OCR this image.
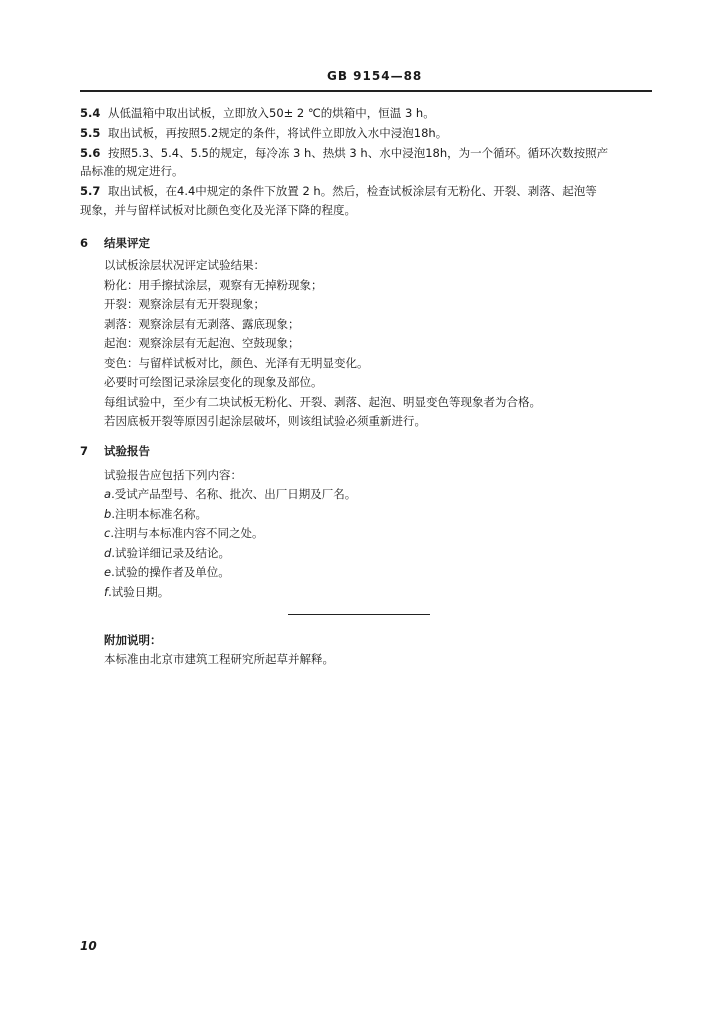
GB 9154—88
5.4 从低温箱中取出试板，立即放入50± 2 ℃的烘箱中，恒温 3 h。
5.5 取出试板，再按照5.2规定的条件，将试件立即放入水中浸泡18h。
5.6 按照5.3、5.4、5.5的规定，每冷冻 3 h、热烘 3 h、水中浸泡18h，为一个循环。循环次数按照产
品标准的规定进行。
5.7 取出试板，在4.4中规定的条件下放置 2 h。然后，检查试板涂层有无粉化、开裂、剥落、起泡等
现象，并与留样试板对比颜色变化及光泽下降的程度。
6 结果评定
以试板涂层状况评定试验结果：
粉化：用手擦拭涂层，观察有无掉粉现象；
开裂：观察涂层有无开裂现象；
剥落：观察涂层有无剥落、露底现象；
起泡：观察涂层有无起泡、空鼓现象；
变色：与留样试板对比，颜色、光泽有无明显变化。
必要时可绘图记录涂层变化的现象及部位。
每组试验中，至少有二块试板无粉化、开裂、剥落、起泡、明显变色等现象者为合格。
若因底板开裂等原因引起涂层破坏，则该组试验必须重新进行。
7 试验报告
试验报告应包括下列内容：
a.受试产品型号、名称、批次、出厂日期及厂名。
b.注明本标准名称。
c.注明与本标准内容不同之处。
d.试验详细记录及结论。
e.试验的操作者及单位。
f.试验日期。
附加说明：
本标准由北京市建筑工程研究所起草并解释。
10
